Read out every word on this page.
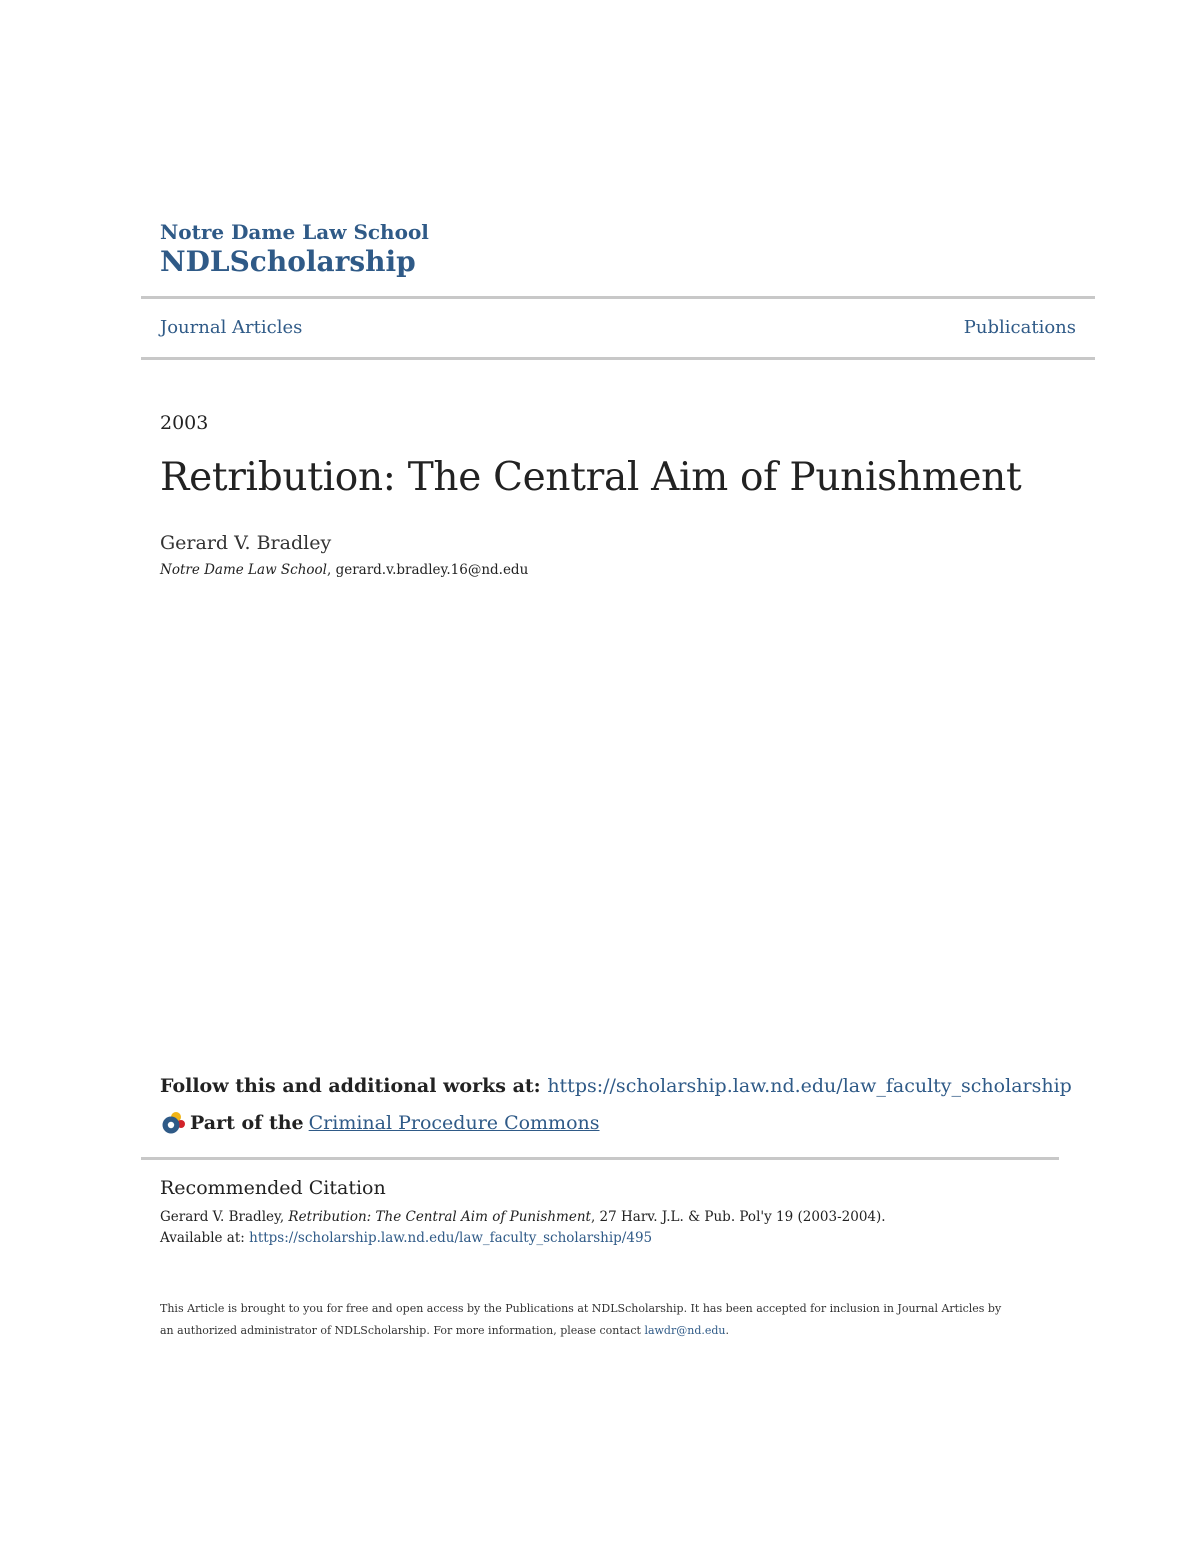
Notre Dame Law School
NDLScholarship
Journal Articles	Publications
2003
Retribution: The Central Aim of Punishment
Gerard V. Bradley
Notre Dame Law School, gerard.v.bradley.16@nd.edu
Follow this and additional works at: https://scholarship.law.nd.edu/law_faculty_scholarship
Part of the Criminal Procedure Commons
Recommended Citation
Gerard V. Bradley, Retribution: The Central Aim of Punishment, 27 Harv. J.L. & Pub. Pol'y 19 (2003-2004).
Available at: https://scholarship.law.nd.edu/law_faculty_scholarship/495
This Article is brought to you for free and open access by the Publications at NDLScholarship. It has been accepted for inclusion in Journal Articles by
an authorized administrator of NDLScholarship. For more information, please contact lawdr@nd.edu.
